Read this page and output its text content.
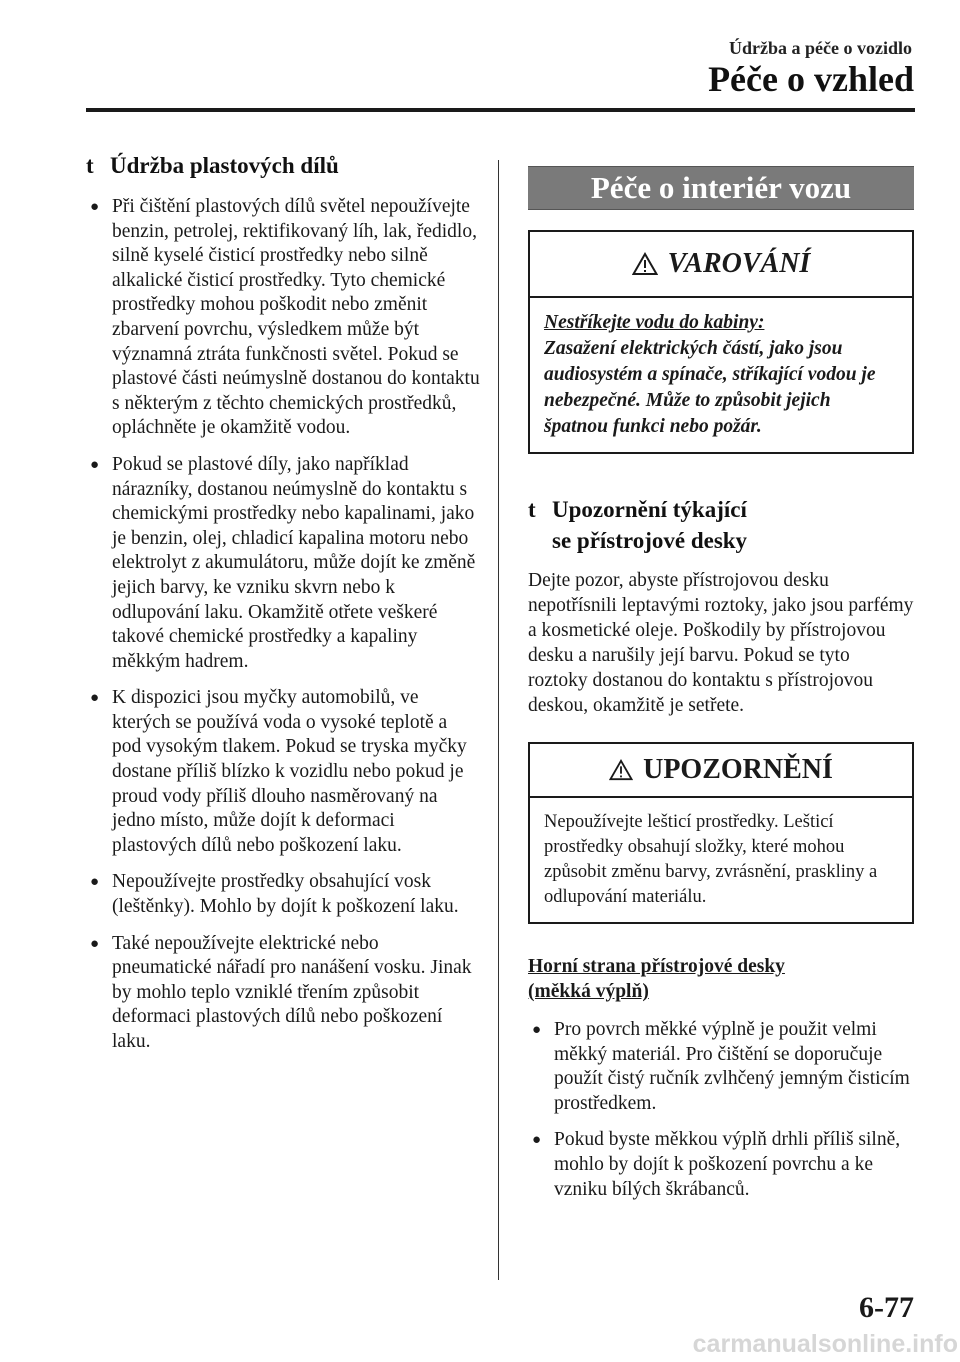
Údržba a péče o vozidlo
Péče o vzhled
t Údržba plastových dílů
● Při čištění plastových dílů světel nepoužívejte benzin, petrolej, rektifikovaný líh, lak, ředidlo, silně kyselé čisticí prostředky nebo silně alkalické čisticí prostředky. Tyto chemické prostředky mohou poškodit nebo změnit zbarvení povrchu, výsledkem může být významná ztráta funkčnosti světel. Pokud se plastové části neúmyslně dostanou do kontaktu s některým z těchto chemických prostředků, opláchněte je okamžitě vodou.
● Pokud se plastové díly, jako například nárazníky, dostanou neúmyslně do kontaktu s chemickými prostředky nebo kapalinami, jako je benzin, olej, chladicí kapalina motoru nebo elektrolyt z akumulátoru, může dojít ke změně jejich barvy, ke vzniku skvrn nebo k odlupování laku. Okamžitě otřete veškeré takové chemické prostředky a kapaliny měkkým hadrem.
● K dispozici jsou myčky automobilů, ve kterých se používá voda o vysoké teplotě a pod vysokým tlakem. Pokud se tryska myčky dostane příliš blízko k vozidlu nebo pokud je proud vody příliš dlouho nasměrovaný na jedno místo, může dojít k deformaci plastových dílů nebo poškození laku.
● Nepoužívejte prostředky obsahující vosk (leštěnky). Mohlo by dojít k poškození laku.
● Také nepoužívejte elektrické nebo pneumatické nářadí pro nanášení vosku. Jinak by mohlo teplo vzniklé třením způsobit deformaci plastových dílů nebo poškození laku.
Péče o interiér vozu
VAROVÁNÍ
Nestříkejte vodu do kabiny:
Zasažení elektrických částí, jako jsou audiosystém a spínače, stříkající vodou je nebezpečné. Může to způsobit jejich špatnou funkci nebo požár.
t Upozornění týkající
se přístrojové desky
Dejte pozor, abyste přístrojovou desku nepotřísnili leptavými roztoky, jako jsou parfémy a kosmetické oleje. Poškodily by přístrojovou desku a narušily její barvu. Pokud se tyto roztoky dostanou do kontaktu s přístrojovou deskou, okamžitě je setřete.
UPOZORNĚNÍ
Nepoužívejte lešticí prostředky. Lešticí prostředky obsahují složky, které mohou způsobit změnu barvy, zvrásnění, praskliny a odlupování materiálu.
Horní strana přístrojové desky
(měkká výplň)
● Pro povrch měkké výplně je použit velmi měkký materiál. Pro čištění se doporučuje použít čistý ručník zvlhčený jemným čisticím prostředkem.
● Pokud byste měkkou výplň drhli příliš silně, mohlo by dojít k poškození povrchu a ke vzniku bílých škrábanců.
6-77
carmanualsonline.info
